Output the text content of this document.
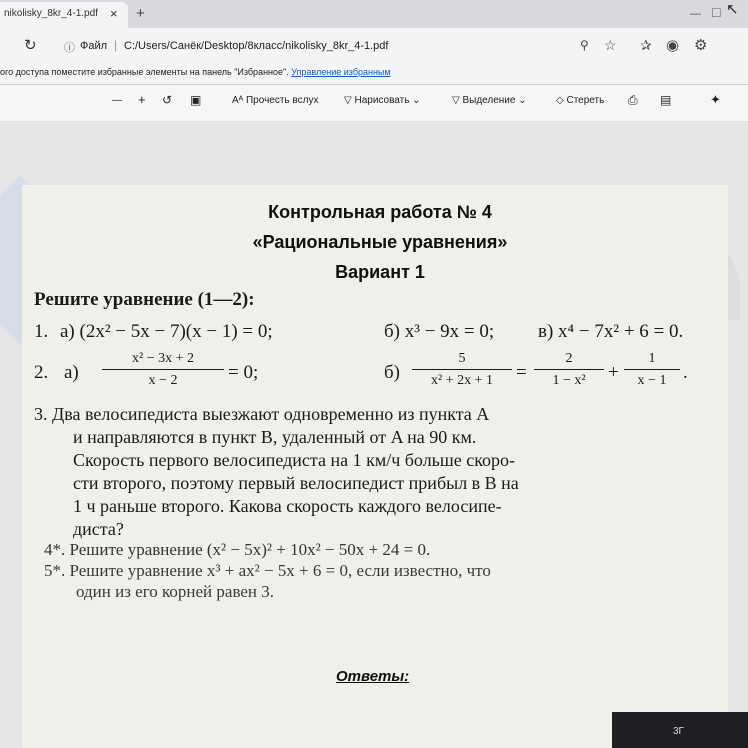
nikolisky_8kr_4-1.pdf × +	— □ ↖
↻ ⓘ Файл | C:/Users/Санёк/Desktop/8класс/nikolisky_8kr_4-1.pdf	⚲ ☆ ✰ ◉ ⚙
ого доступа поместите избранные элементы на панель "Избранное". Управление избранным
— + ↺ ▣	Aᴬ Прочесть вслух	▽ Нарисовать ⌄	▽ Выделение ⌄	◇ Стереть ⎙ ▤	✦
Контрольная работа № 4
«Рациональные уравнения»
Вариант 1
Решите уравнение (1—2):
1. а) (2x² − 5x − 7)(x − 1) = 0;	б) x³ − 9x = 0; в) x⁴ − 7x² + 6 = 0.
2. а)
x² − 3x + 2
x − 2	= 0;	б)
5
x² + 2x + 1	=
2
1 − x²	+
1
x − 1 .
3. Два велосипедиста выезжают одновременно из пункта A
и направляются в пункт B, удаленный от A на 90 км.
Скорость первого велосипедиста на 1 км/ч больше скоро-
сти второго, поэтому первый велосипедист прибыл в B на
1 ч раньше второго. Какова скорость каждого велосипе-
диста?
4*. Решите уравнение (x² − 5x)² + 10x² − 50x + 24 = 0.
5*. Решите уравнение x³ + ax² − 5x + 6 = 0, если известно, что
один из его корней равен 3.
Ответы:
3Г
